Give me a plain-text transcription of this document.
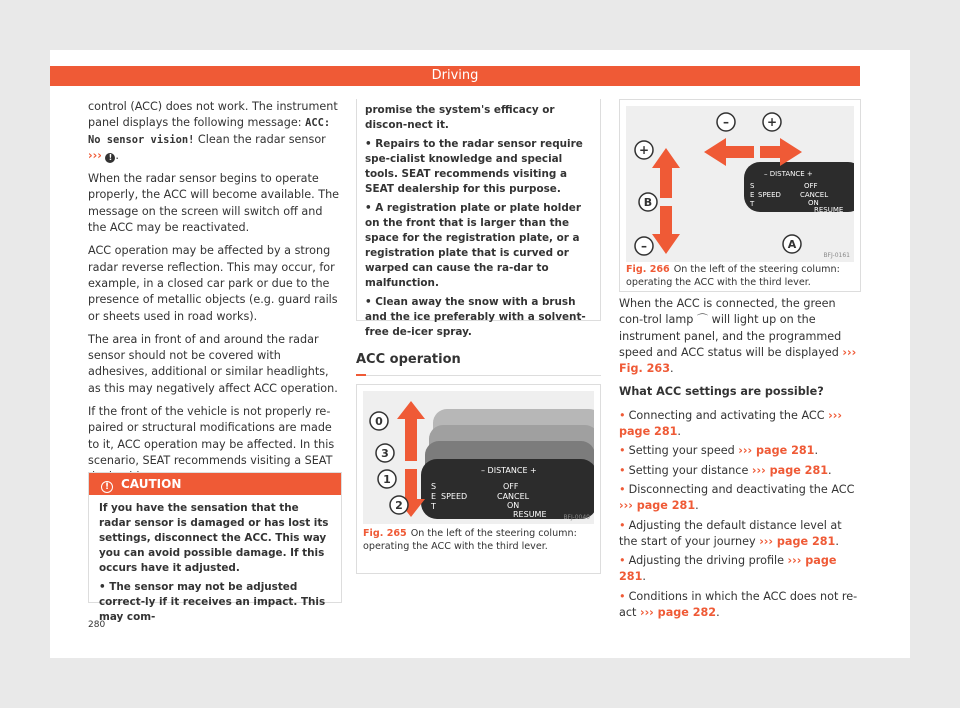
Driving

control (ACC) does not work. The instrument panel displays the following message: ACC: No sensor vision! Clean the radar sensor ››› ! .

When the radar sensor begins to operate properly, the ACC will become available. The message on the screen will switch off and the ACC may be reactivated.

ACC operation may be affected by a strong radar reverse reflection. This may occur, for example, in a closed car park or due to the presence of metallic objects (e.g. guard rails or sheets used in road works).

The area in front of and around the radar sensor should not be covered with adhesives, additional or similar headlights, as this may negatively affect ACC operation.

If the front of the vehicle is not properly re-paired or structural modifications are made to it, ACC operation may be affected. In this scenario, SEAT recommends visiting a SEAT

! CAUTION

If you have the sensation that the radar sensor is damaged or has lost its settings, disconnect the ACC. This way you can avoid possible damage. If this occurs have it adjusted.

• The sensor may not be adjusted correct-ly if it receives an impact. This may com-

promise the system's efficacy or discon-nect it.

• Repairs to the radar sensor require spe-cialist knowledge and special tools. SEAT recommends visiting a SEAT dealership for this purpose.

• A registration plate or plate holder on the front that is larger than the space for the registration plate, or a registration plate that is curved or warped can cause the ra-dar to malfunction.

• Clean away the snow with a brush and the ice preferably with a solvent-free de-icer spray.

ACC operation
– DISTANCE +
S
E
T
SPEED
OFF
CANCEL
ON
RESUME
0
3
1
2
BFJ-0040
Fig. 265 On the left of the steering column: operating the ACC with the third lever.
–	+
+
–
B
A
– DISTANCE +
S
E
T
SPEED
OFF
CANCEL
ON
RESUME
BFJ-0161
Fig. 266 On the left of the steering column: operating the ACC with the third lever.

When the ACC is connected, the green con-trol lamp ⌒ will light up on the instrument panel, and the programmed speed and ACC status will be displayed ››› Fig. 263.

What ACC settings are possible?

• Connecting and activating the ACC ››› page 281.
• Setting your speed ››› page 281.
• Setting your distance ››› page 281.
• Disconnecting and deactivating the ACC ››› page 281.
• Adjusting the default distance level at the start of your journey ››› page 281.
• Adjusting the driving profile ››› page 281.
• Conditions in which the ACC does not re-act ››› page 282.
280
